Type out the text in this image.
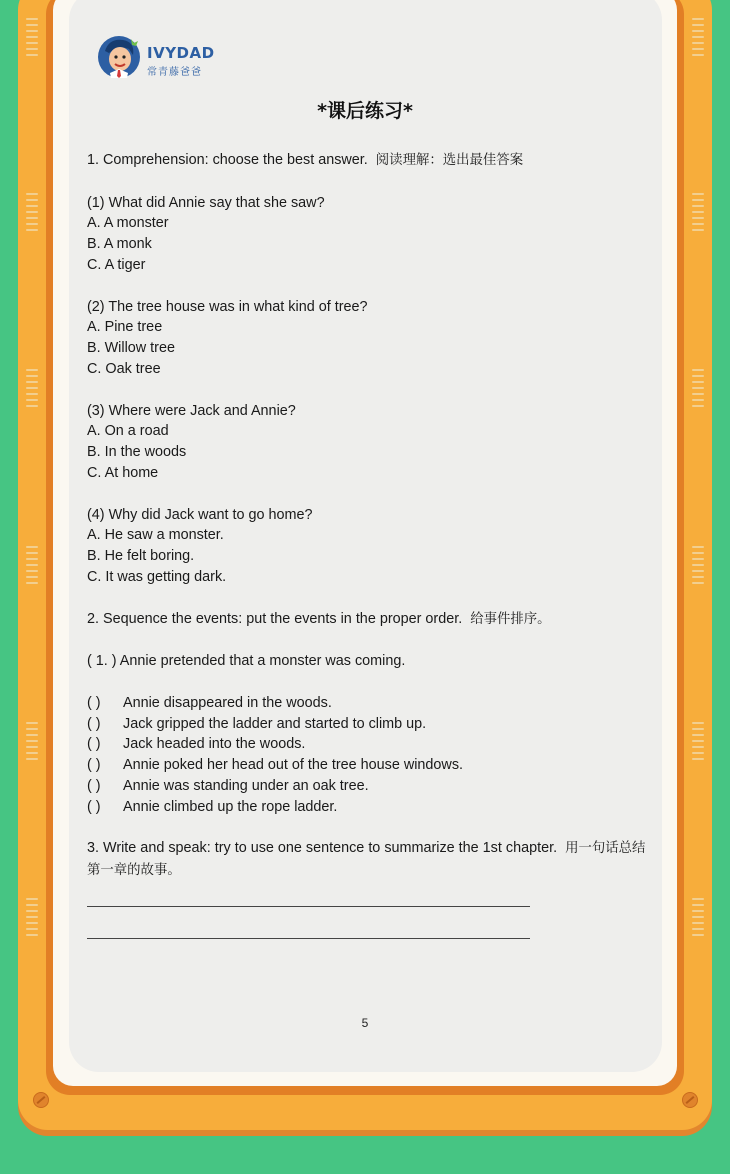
IVYDAD
常青藤爸爸
*课后练习*
1. Comprehension: choose the best answer. 阅读理解：选出最佳答案
(1) What did Annie say that she saw?
A. A monster
B. A monk
C. A tiger
(2) The tree house was in what kind of tree?
A. Pine tree
B. Willow tree
C. Oak tree
(3) Where were Jack and Annie?
A. On a road
B. In the woods
C. At home
(4) Why did Jack want to go home?
A. He saw a monster.
B. He felt boring.
C. It was getting dark.
2. Sequence the events: put the events in the proper order. 给事件排序。
( 1. ) Annie pretended that a monster was coming.
( ) Annie disappeared in the woods.
( ) Jack gripped the ladder and started to climb up.
( ) Jack headed into the woods.
( ) Annie poked her head out of the tree house windows.
( ) Annie was standing under an oak tree.
( ) Annie climbed up the rope ladder.
3. Write and speak: try to use one sentence to summarize the 1st chapter. 用一句话总结第一章的故事。
5
